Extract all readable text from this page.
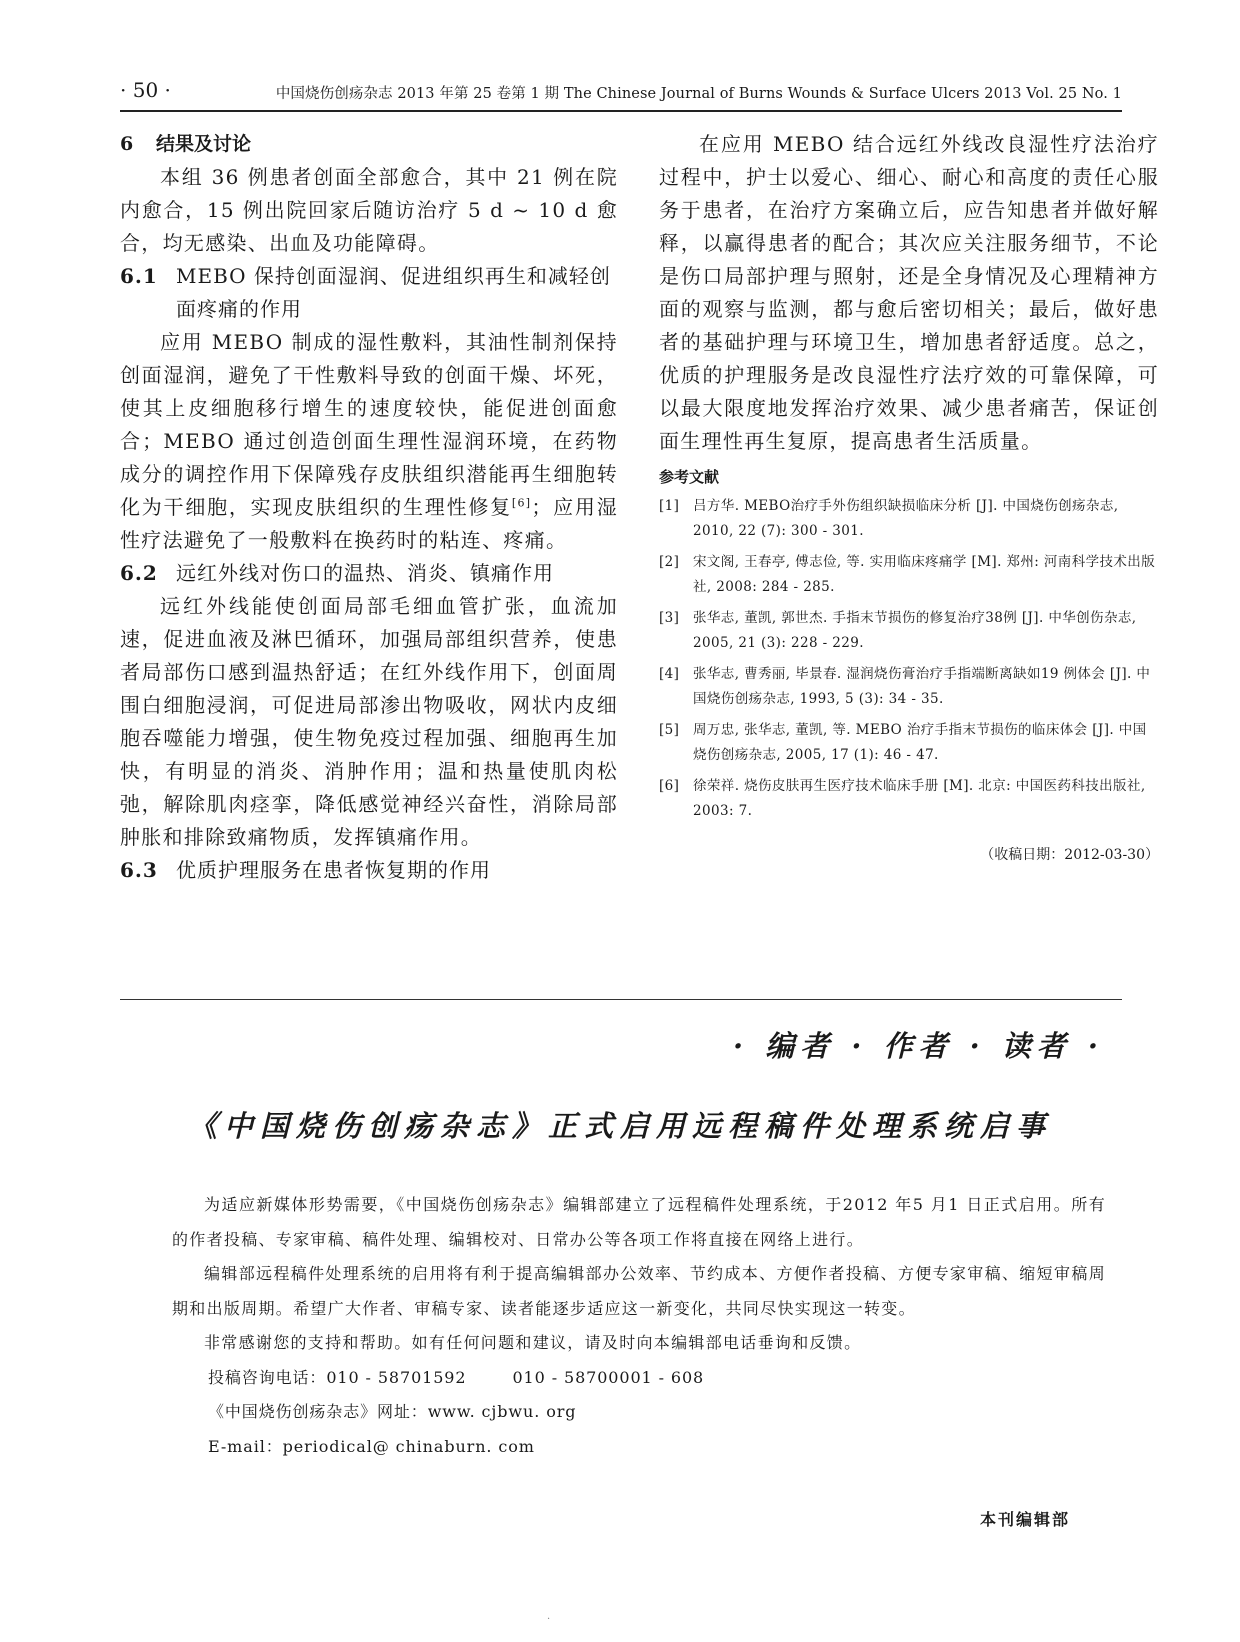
· 50 ·	中国烧伤创疡杂志 2013 年第 25 卷第 1 期 The Chinese Journal of Burns Wounds & Surface Ulcers 2013 Vol. 25 No. 1
6 结果及讨论

本组 36 例患者创面全部愈合，其中 21 例在院内愈合，15 例出院回家后随访治疗 5 d ~ 10 d 愈合，均无感染、出血及功能障碍。

6.1 MEBO 保持创面湿润、促进组织再生和减轻创面疼痛的作用

应用 MEBO 制成的湿性敷料，其油性制剂保持创面湿润，避免了干性敷料导致的创面干燥、坏死，使其上皮细胞移行增生的速度较快，能促进创面愈合；MEBO 通过创造创面生理性湿润环境，在药物成分的调控作用下保障残存皮肤组织潜能再生细胞转化为干细胞，实现皮肤组织的生理性修复[6]；应用湿性疗法避免了一般敷料在换药时的粘连、疼痛。

6.2 远红外线对伤口的温热、消炎、镇痛作用

远红外线能使创面局部毛细血管扩张，血流加速，促进血液及淋巴循环，加强局部组织营养，使患者局部伤口感到温热舒适；在红外线作用下，创面周围白细胞浸润，可促进局部渗出物吸收，网状内皮细胞吞噬能力增强，使生物免疫过程加强、细胞再生加快，有明显的消炎、消肿作用；温和热量使肌肉松弛，解除肌肉痉挛，降低感觉神经兴奋性，消除局部肿胀和排除致痛物质，发挥镇痛作用。

6.3 优质护理服务在患者恢复期的作用

在应用 MEBO 结合远红外线改良湿性疗法治疗过程中，护士以爱心、细心、耐心和高度的责任心服务于患者，在治疗方案确立后，应告知患者并做好解释，以赢得患者的配合；其次应关注服务细节，不论是伤口局部护理与照射，还是全身情况及心理精神方面的观察与监测，都与愈后密切相关；最后，做好患者的基础护理与环境卫生，增加患者舒适度。总之，优质的护理服务是改良湿性疗法疗效的可靠保障，可以最大限度地发挥治疗效果、减少患者痛苦，保证创面生理性再生复原，提高患者生活质量。

参考文献
[1] 吕方华. MEBO治疗手外伤组织缺损临床分析 [J]. 中国烧伤创疡杂志, 2010, 22 (7): 300 - 301.
[2] 宋文阁, 王春亭, 傅志俭, 等. 实用临床疼痛学 [M]. 郑州: 河南科学技术出版社, 2008: 284 - 285.
[3] 张华志, 董凯, 郭世杰. 手指末节损伤的修复治疗38例 [J]. 中华创伤杂志, 2005, 21 (3): 228 - 229.
[4] 张华志, 曹秀丽, 毕景春. 湿润烧伤膏治疗手指端断离缺如19 例体会 [J]. 中国烧伤创疡杂志, 1993, 5 (3): 34 - 35.
[5] 周万忠, 张华志, 董凯, 等. MEBO 治疗手指末节损伤的临床体会 [J]. 中国烧伤创疡杂志, 2005, 17 (1): 46 - 47.
[6] 徐荣祥. 烧伤皮肤再生医疗技术临床手册 [M]. 北京: 中国医药科技出版社, 2003: 7.
（收稿日期：2012-03-30）
· 编者 · 作者 · 读者 ·
《中国烧伤创疡杂志》正式启用远程稿件处理系统启事

为适应新媒体形势需要，《中国烧伤创疡杂志》编辑部建立了远程稿件处理系统，于2012 年5 月1 日正式启用。所有的作者投稿、专家审稿、稿件处理、编辑校对、日常办公等各项工作将直接在网络上进行。

编辑部远程稿件处理系统的启用将有利于提高编辑部办公效率、节约成本、方便作者投稿、方便专家审稿、缩短审稿周期和出版周期。希望广大作者、审稿专家、读者能逐步适应这一新变化，共同尽快实现这一转变。

非常感谢您的支持和帮助。如有任何问题和建议，请及时向本编辑部电话垂询和反馈。

投稿咨询电话：010 - 58701592	010 - 58700001 - 608
《中国烧伤创疡杂志》网址：www. cjbwu. org
E-mail：periodical@ chinaburn. com
本刊编辑部
·
